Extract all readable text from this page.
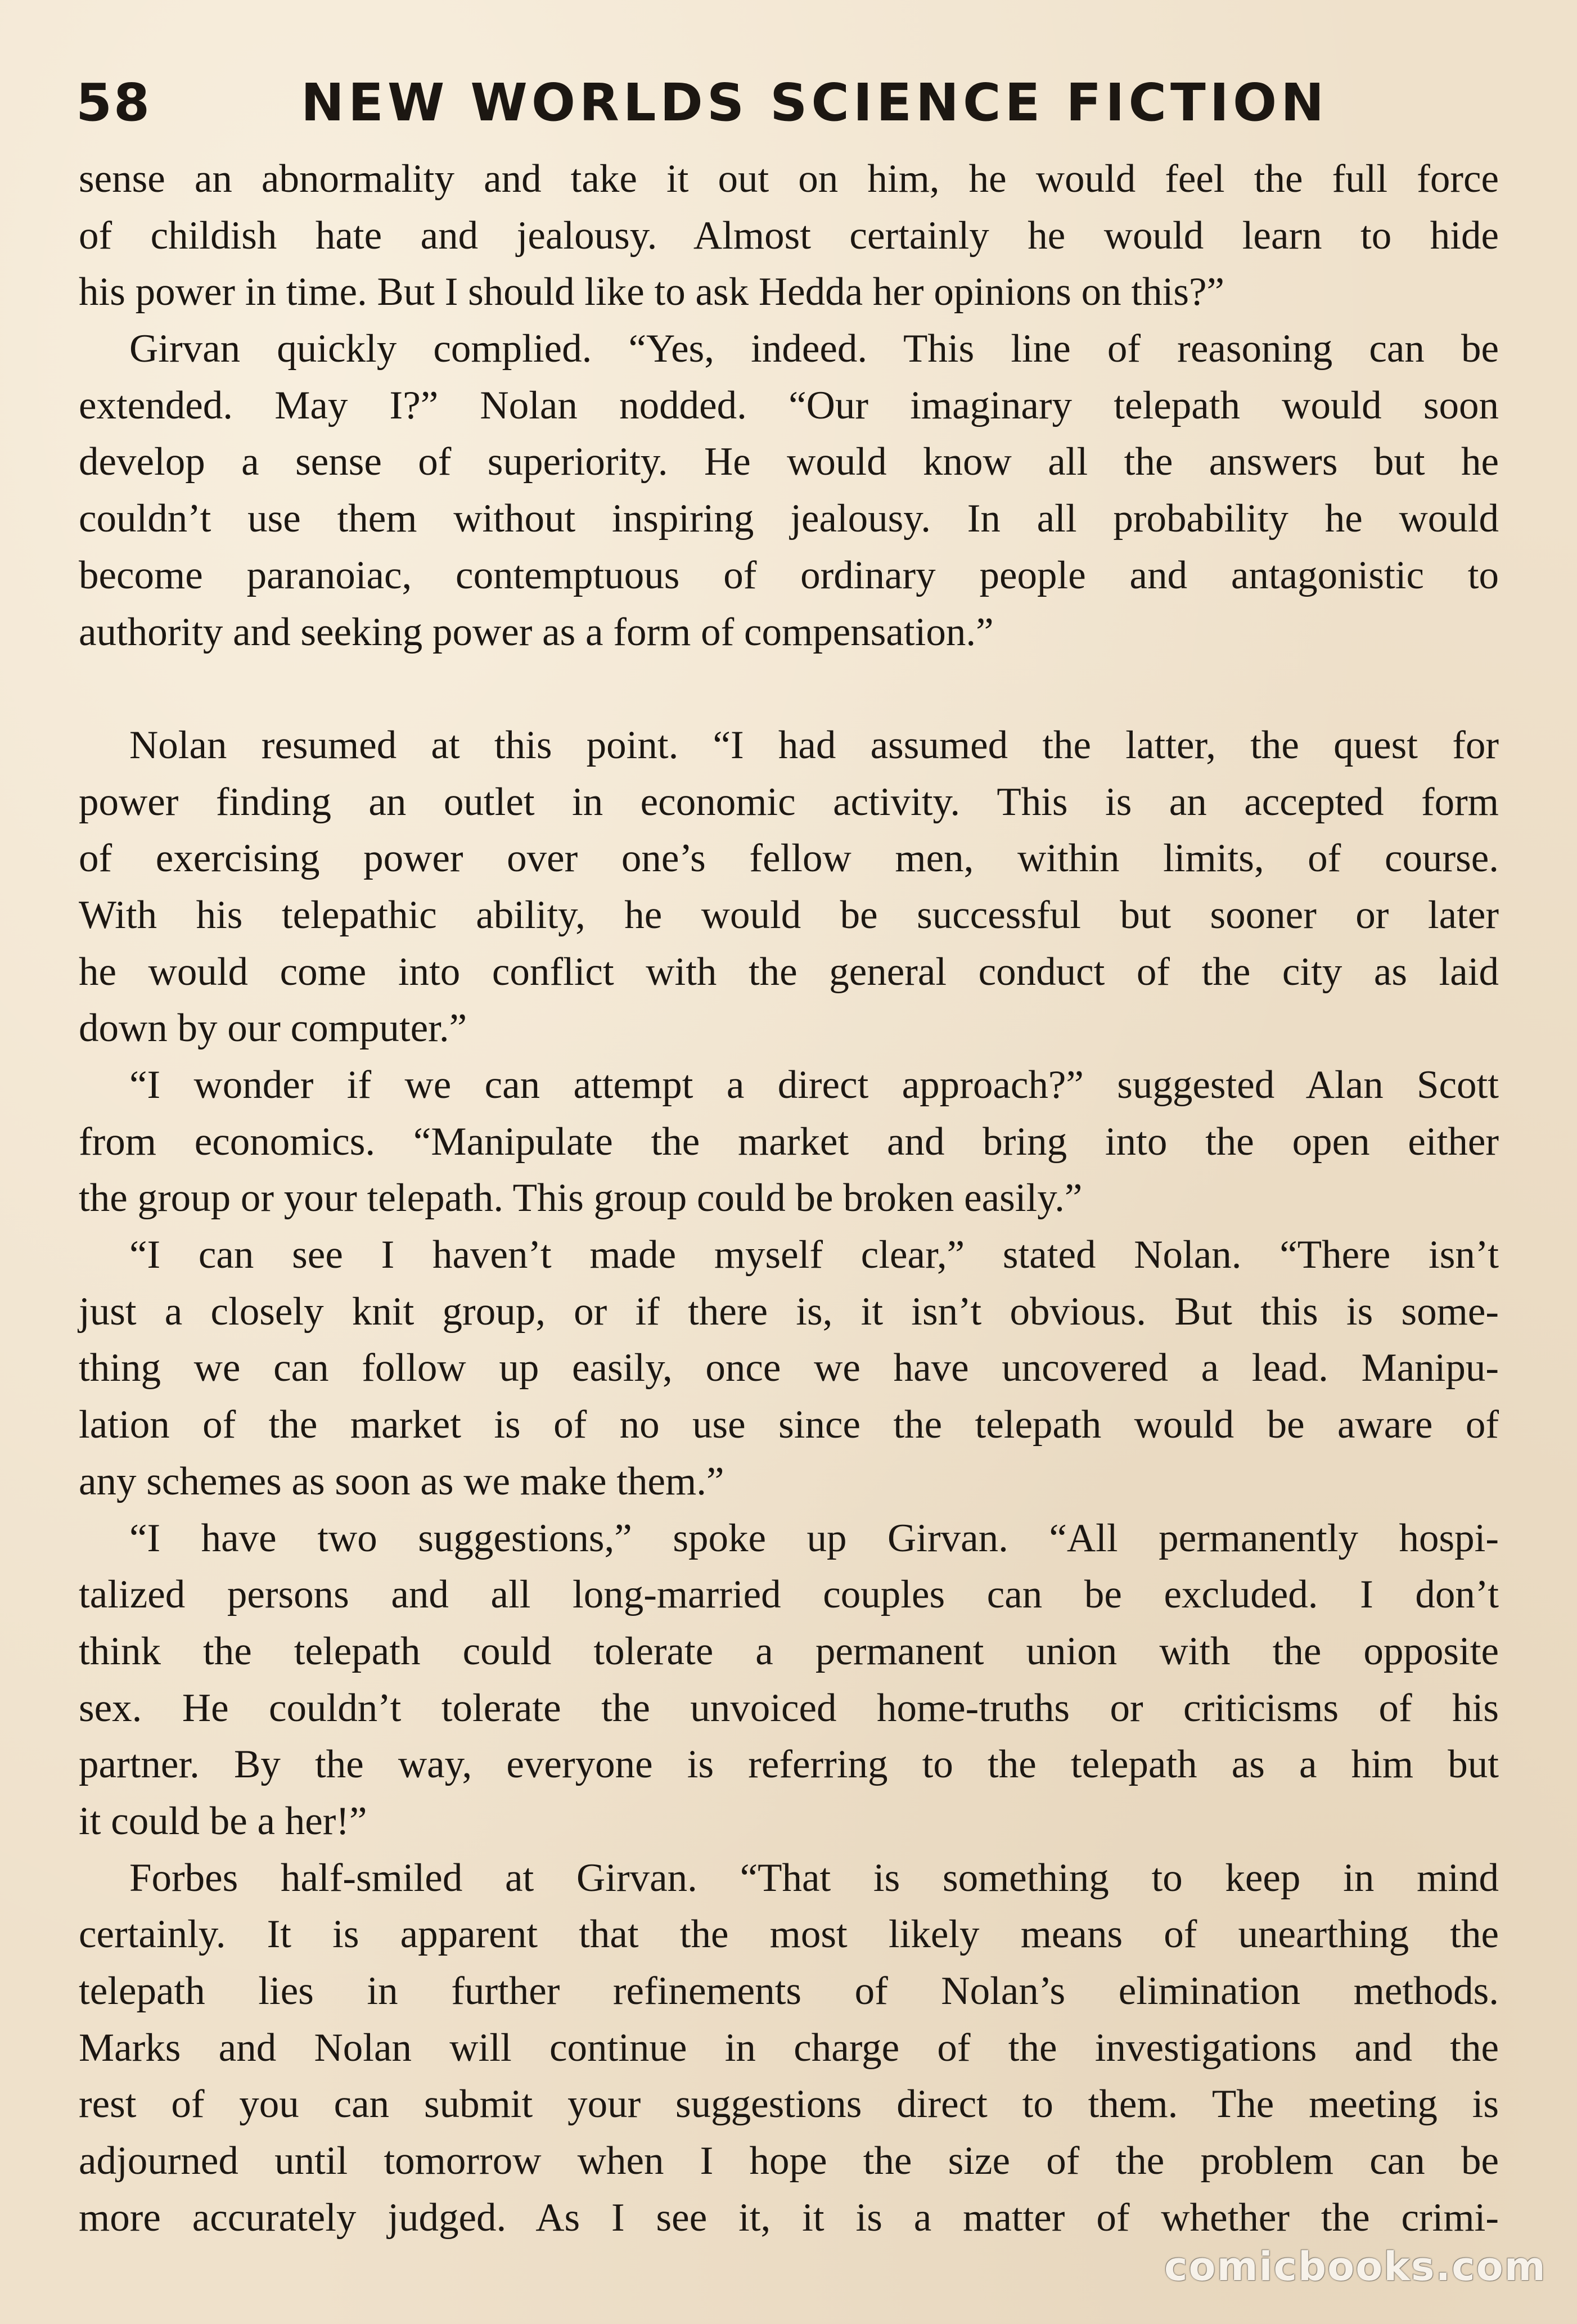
58	NEW WORLDS SCIENCE FICTION
sense an abnormality and take it out on him, he would feel the full force
of childish hate and jealousy. Almost certainly he would learn to hide
his power in time. But I should like to ask Hedda her opinions on this?”
Girvan quickly complied. “Yes, indeed. This line of reasoning can be
extended. May I?” Nolan nodded. “Our imaginary telepath would soon
develop a sense of superiority. He would know all the answers but he
couldn’t use them without inspiring jealousy. In all probability he would
become paranoiac, contemptuous of ordinary people and antagonistic to
authority and seeking power as a form of compensation.”
Nolan resumed at this point. “I had assumed the latter, the quest for
power finding an outlet in economic activity. This is an accepted form
of exercising power over one’s fellow men, within limits, of course.
With his telepathic ability, he would be successful but sooner or later
he would come into conflict with the general conduct of the city as laid
down by our computer.”
“I wonder if we can attempt a direct approach?” suggested Alan Scott
from economics. “Manipulate the market and bring into the open either
the group or your telepath. This group could be broken easily.”
“I can see I haven’t made myself clear,” stated Nolan. “There isn’t
just a closely knit group, or if there is, it isn’t obvious. But this is some-
thing we can follow up easily, once we have uncovered a lead. Manipu-
lation of the market is of no use since the telepath would be aware of
any schemes as soon as we make them.”
“I have two suggestions,” spoke up Girvan. “All permanently hospi-
talized persons and all long-married couples can be excluded. I don’t
think the telepath could tolerate a permanent union with the opposite
sex. He couldn’t tolerate the unvoiced home-truths or criticisms of his
partner. By the way, everyone is referring to the telepath as a him but
it could be a her!”
Forbes half-smiled at Girvan. “That is something to keep in mind
certainly. It is apparent that the most likely means of unearthing the
telepath lies in further refinements of Nolan’s elimination methods.
Marks and Nolan will continue in charge of the investigations and the
rest of you can submit your suggestions direct to them. The meeting is
adjourned until tomorrow when I hope the size of the problem can be
more accurately judged. As I see it, it is a matter of whether the crimi-
comicbooks.com
